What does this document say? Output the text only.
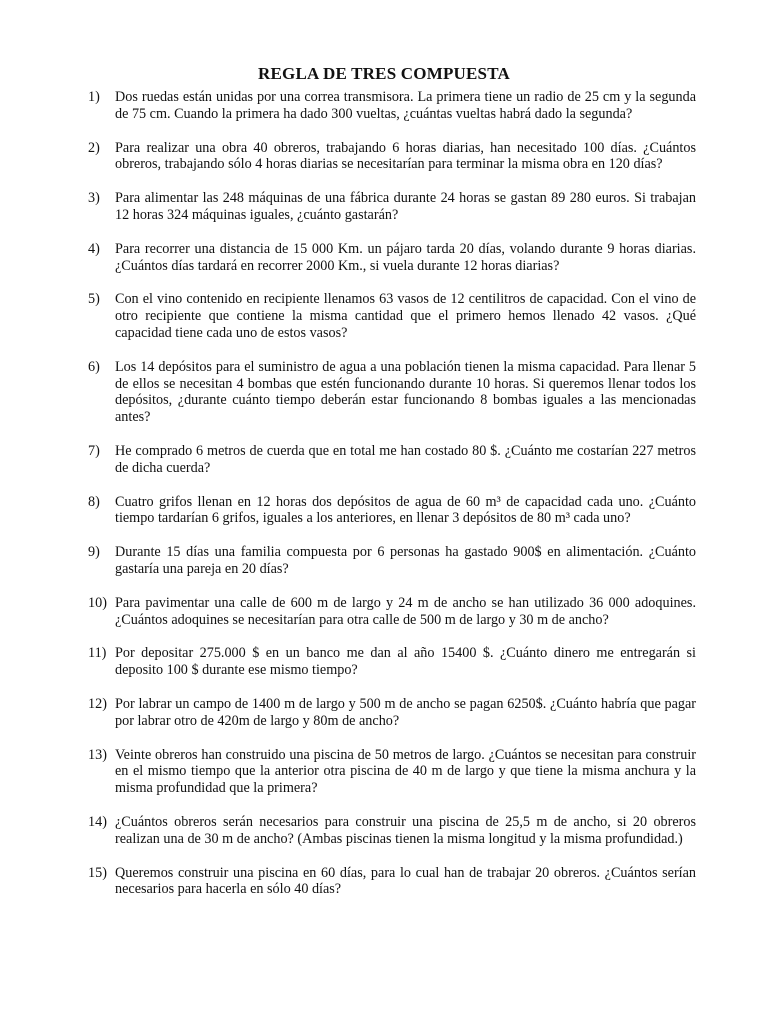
REGLA DE TRES COMPUESTA
1) Dos ruedas están unidas por una correa transmisora. La primera tiene un radio de 25 cm y la segunda de 75 cm. Cuando la primera ha dado 300 vueltas, ¿cuántas vueltas habrá dado la segunda?
2) Para realizar una obra 40 obreros, trabajando 6 horas diarias, han necesitado 100 días. ¿Cuántos obreros, trabajando sólo 4 horas diarias se necesitarían para terminar la misma obra en 120 días?
3) Para alimentar las 248 máquinas de una fábrica durante 24 horas se gastan 89 280 euros. Si trabajan 12 horas 324 máquinas iguales, ¿cuánto gastarán?
4) Para recorrer una distancia de 15 000 Km. un pájaro tarda 20 días, volando durante 9 horas diarias. ¿Cuántos días tardará en recorrer 2000 Km., si vuela durante 12 horas diarias?
5) Con el vino contenido en recipiente llenamos 63 vasos de 12 centilitros de capacidad. Con el vino de otro recipiente que contiene la misma cantidad que el primero hemos llenado 42 vasos. ¿Qué capacidad tiene cada uno de estos vasos?
6) Los 14 depósitos para el suministro de agua a una población tienen la misma capacidad. Para llenar 5 de ellos se necesitan 4 bombas que estén funcionando durante 10 horas. Si queremos llenar todos los depósitos, ¿durante cuánto tiempo deberán estar funcionando 8 bombas iguales a las mencionadas antes?
7) He comprado 6 metros de cuerda que en total me han costado 80 $. ¿Cuánto me costarían 227 metros de dicha cuerda?
8) Cuatro grifos llenan en 12 horas dos depósitos de agua de 60 m³ de capacidad cada uno. ¿Cuánto tiempo tardarían 6 grifos, iguales a los anteriores, en llenar 3 depósitos de 80 m³ cada uno?
9) Durante 15 días una familia compuesta por 6 personas ha gastado 900$ en alimentación. ¿Cuánto gastaría una pareja en 20 días?
10) Para pavimentar una calle de 600 m de largo y 24 m de ancho se han utilizado 36 000 adoquines. ¿Cuántos adoquines se necesitarían para otra calle de 500 m de largo y 30 m de ancho?
11) Por depositar 275.000 $ en un banco me dan al año 15400 $. ¿Cuánto dinero me entregarán si deposito 100 $ durante ese mismo tiempo?
12) Por labrar un campo de 1400 m de largo y 500 m de ancho se pagan 6250$. ¿Cuánto habría que pagar por labrar otro de 420m de largo y 80m de ancho?
13) Veinte obreros han construido una piscina de 50 metros de largo. ¿Cuántos se necesitan para construir en el mismo tiempo que la anterior otra piscina de 40 m de largo y que tiene la misma anchura y la misma profundidad que la primera?
14) ¿Cuántos obreros serán necesarios para construir una piscina de 25,5 m de ancho, si 20 obreros realizan una de 30 m de ancho? (Ambas piscinas tienen la misma longitud y la misma profundidad.)
15) Queremos construir una piscina en 60 días, para lo cual han de trabajar 20 obreros. ¿Cuántos serían necesarios para hacerla en sólo 40 días?
